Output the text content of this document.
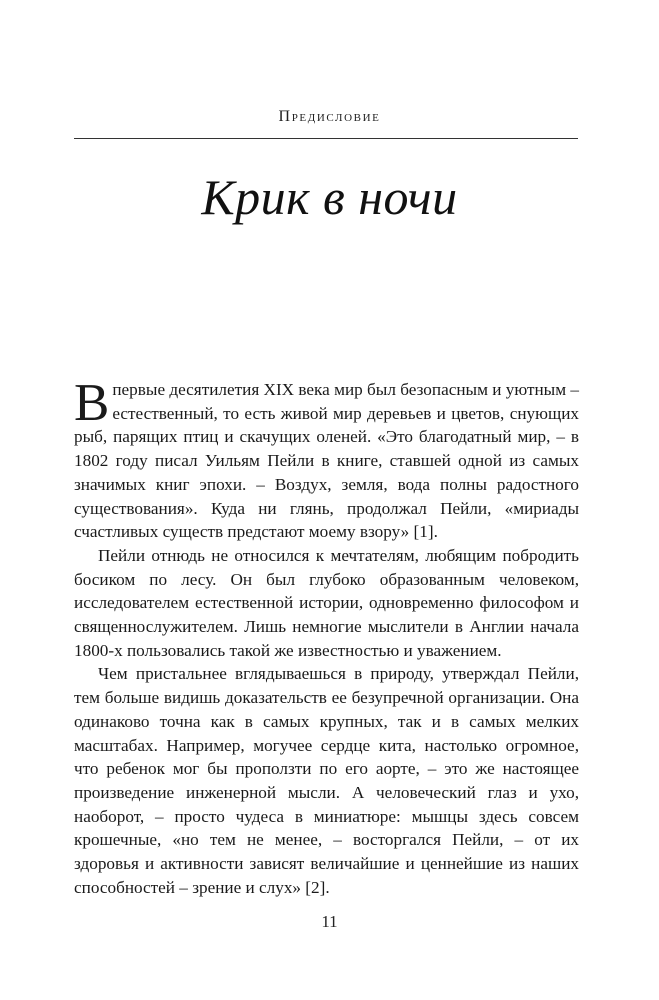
Предисловие
Крик в ночи

Впервые десятилетия XIX века мир был безопасным и уютным – естественный, то есть живой мир деревьев и цветов, снующих рыб, парящих птиц и скачущих оленей. «Это благодатный мир, – в 1802 году писал Уильям Пейли в книге, ставшей одной из самых значимых книг эпохи. – Воздух, земля, вода полны радостного существования». Куда ни глянь, продолжал Пейли, «мириады счастливых существ предстают моему взору» [1].

Пейли отнюдь не относился к мечтателям, любящим побродить босиком по лесу. Он был глубоко образованным человеком, исследователем естественной истории, одновременно философом и священнослужителем. Лишь немногие мыслители в Англии начала 1800-х пользовались такой же известностью и уважением.

Чем пристальнее вглядываешься в природу, утверждал Пейли, тем больше видишь доказательств ее безупречной организации. Она одинаково точна как в самых крупных, так и в самых мелких масштабах. Например, могучее сердце кита, настолько огромное, что ребенок мог бы проползти по его аорте, – это же настоящее произведение инженерной мысли. А человеческий глаз и ухо, наоборот, – просто чудеса в миниатюре: мышцы здесь совсем крошечные, «но тем не менее, – восторгался Пейли, – от их здоровья и активности зависят величайшие и ценнейшие из наших способностей – зрение и слух» [2].

11
